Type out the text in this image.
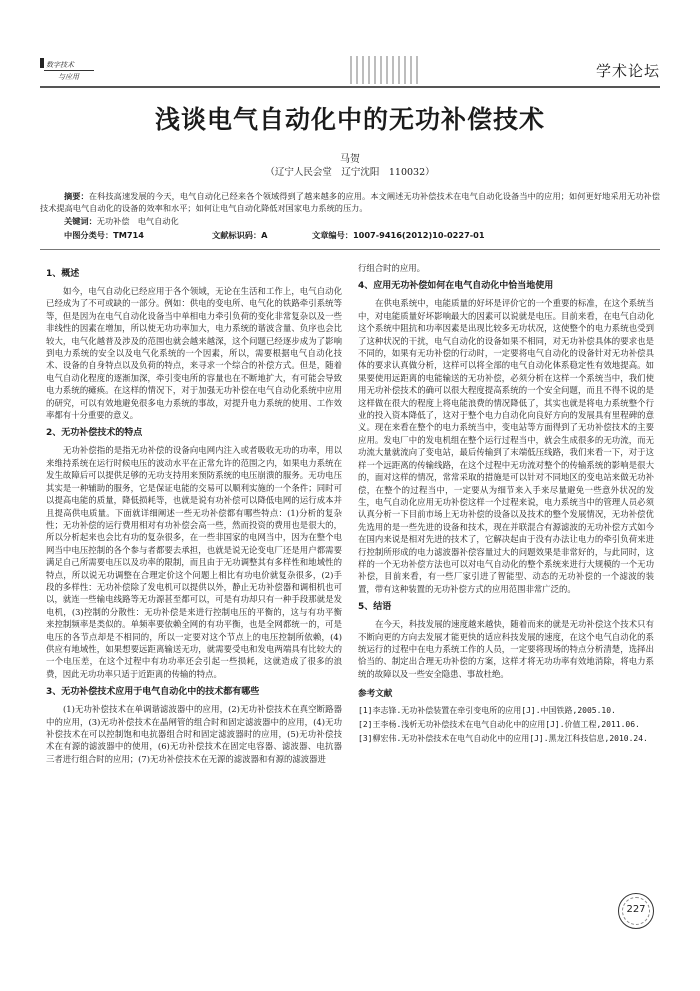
数字技术
与应用	学术论坛
浅谈电气自动化中的无功补偿技术
马贺
（辽宁人民会堂　辽宁沈阳　110032）
摘要：在科技高速发展的今天，电气自动化已经来各个领域得到了越来越多的应用。本文阐述无功补偿技术在电气自动化设备当中的应用；如何更好地采用无功补偿技术提高电气自动化的设备的效率和水平；如何让电气自动化降低对国家电力系统的压力。
关键词：无功补偿　电气自动化
中图分类号：TM714	文献标识码：A	文章编号：1007-9416(2012)10-0227-01
1、概述

如今，电气自动化已经应用于各个领域，无论在生活和工作上，电气自动化已经成为了不可或缺的一部分。例如：供电的变电所、电气化的铁路牵引系统等等，但是因为在电气自动化设备当中单相电力牵引负荷的变化非常复杂以及一些非线性的因素在增加，所以使无功功率加大，电力系统的谐波含量、负序也会比较大，电气化越普及涉及的范围也就会越来越深，这个问题已经逐步成为了影响到电力系统的安全以及电气化系统的一个因素，所以，需要根据电气自动化技术、设备的自身特点以及负荷的特点，来寻求一个综合的补偿方式。但是，随着电气自动化程度的逐渐加深，牵引变电所的容量也在不断地扩大，有可能会导致电力系统的瘫痪。在这样的情况下，对于加强无功补偿在电气自动化系统中应用的研究，可以有效地避免很多电力系统的事故，对提升电力系统的使用、工作效率都有十分重要的意义。

2、无功补偿技术的特点

无功补偿指的是指无功补偿的设备向电网内注入或者吸收无功的功率，用以来维持系统在运行时候电压的波动水平在正常允许的范围之内，如果电力系统在发生故障后可以提供足够的无功支持用来预防系统的电压崩溃的服务。无功电压其实是一种辅助的服务，它是保证电能的交易可以顺利实施的一个条件；同时可以提高电能的质量，降低损耗等，也就是说有功补偿可以降低电网的运行成本并且提高供电质量。下面就详细阐述一些无功补偿都有哪些特点：(1)分析的复杂性；无功补偿的运行费用相对有功补偿会高一些，然而投资的费用也是很大的，所以分析起来也会比有功的复杂很多，在一些非国家的电网当中，因为在整个电网当中电压控制的各个参与者都要去承担，也就是说无论变电厂还是用户都需要满足自己所需要电压以及功率的限制，而且由于无功调整其有多样性和地域性的特点，所以说无功调整在合理定价这个问题上相比有功电价就复杂很多，(2)手段的多样性：无功补偿除了发电机可以提供以外，静止无功补偿器和调相机也可以，就连一些输电线路等无功源甚至都可以，可是有功却只有一种手段那就是发电机，(3)控制的分散性：无功补偿是来进行控制电压的平衡的，这与有功平衡来控制频率是类似的。单频率要依赖全网的有功平衡，也是全网都统一的，可是电压的各节点却是不相同的，所以一定要对这个节点上的电压控制所依赖，(4)供应有地域性，如果想要远距离输送无功，就需要受电和发电两端具有比较大的一个电压差，在这个过程中有功功率还会引起一些损耗，这就造成了很多的浪费，因此无功功率只适于近距离的传输的特点。

3、无功补偿技术应用于电气自动化中的技术都有哪些

(1)无功补偿技术在单调谐滤波器中的应用，(2)无功补偿技术在真空断路器中的应用，(3)无功补偿技术在晶闸管的组合时和固定滤波器中的应用，(4)无功补偿技术在可以控制饱和电抗器组合时和固定滤波器时的应用，(5)无功补偿技术在有源的滤波器中的使用，(6)无功补偿技术在固定电容器、滤波器、电抗器三者进行组合时的应用；(7)无功补偿技术在无源的滤波器和有源的滤波器进

行组合时的应用。

4、应用无功补偿如何在电气自动化中恰当地使用

在供电系统中，电能质量的好坏是评价它的一个重要的标准，在这个系统当中，对电能质量好坏影响最大的因素可以说就是电压。目前来看，在电气自动化这个系统中阻抗和功率因素是出现比较多无功状况，这使整个的电力系统也受到了这种状况的干扰，电气自动化的设备如果不相同，对无功补偿具体的要求也是不同的，如果有无功补偿的行动时，一定要将电气自动化的设备针对无功补偿具体的要求认真做分析，这样可以将全部的电气自动化体系稳定性有效地提高。如果要使用远距离的电能输送的无功补偿，必须分析在这样一个系统当中，我们使用无功补偿技术的确可以很大程度提高系统的一个安全问题，而且不得不说的是这样做在很大的程度上将电能浪费的情况降低了，其实也就是将电力系统整个行业的投入资本降低了，这对于整个电力自动化向良好方向的发展具有里程碑的意义。现在来看在整个的电力系统当中，变电站等方面得到了无功补偿技术的主要应用。发电厂中的发电机组在整个运行过程当中，就会生成很多的无功流，而无功流大量就流向了变电站，最后传输到了末端低压线路，我们来看一下，对于这样一个远距离的传输线路，在这个过程中无功流对整个的传输系统的影响是很大的，面对这样的情况，常常采取的措施是可以针对不同地区的变电站来做无功补偿，在整个的过程当中，一定要从为细节来入手来尽量避免一些意外状况的发生，电气自动化应用无功补偿这样一个过程来说，电力系统当中的管理人员必须认真分析一下目前市场上无功补偿的设备以及技术的整个发展情况，无功补偿优先选用的是一些先进的设备和技术，现在并联混合有源滤波的无功补偿方式如今在国内来说是相对先进的技术了，它解决起由于没有办法让电力的牵引负荷来进行控制所形成的电力滤波器补偿容量过大的问题效果是非常好的，与此同时，这样的一个无功补偿方法也可以对电气自动化的整个系统来进行大规模的一个无功补偿，目前来看，有一些厂家引进了智能型、动态的无功补偿的一个滤波的装置，带有这种装置的无功补偿方式的应用范围非常广泛的。

5、结语

在今天，科技发展的速度越来越快，随着而来的就是无功补偿这个技术只有不断向更的方向去发展才能更快的适应科技发展的速度，在这个电气自动化的系统运行的过程中在电力系统工作的人员，一定要将现场的特点分析清楚，选择出恰当的、制定出合理无功补偿的方案，这样才将无功功率有效地消除，将电力系统的故障以及一些安全隐患、事故杜绝。

参考文献
[1]李志锋.无功补偿装置在牵引变电所的应用[J].中国铁路,2005.10.
[2]王李杨.浅析无功补偿技术在电气自动化中的应用[J].价值工程,2011.06.
[3]柳宏伟.无功补偿技术在电气自动化中的应用[J].黑龙江科技信息,2010.24.
227
